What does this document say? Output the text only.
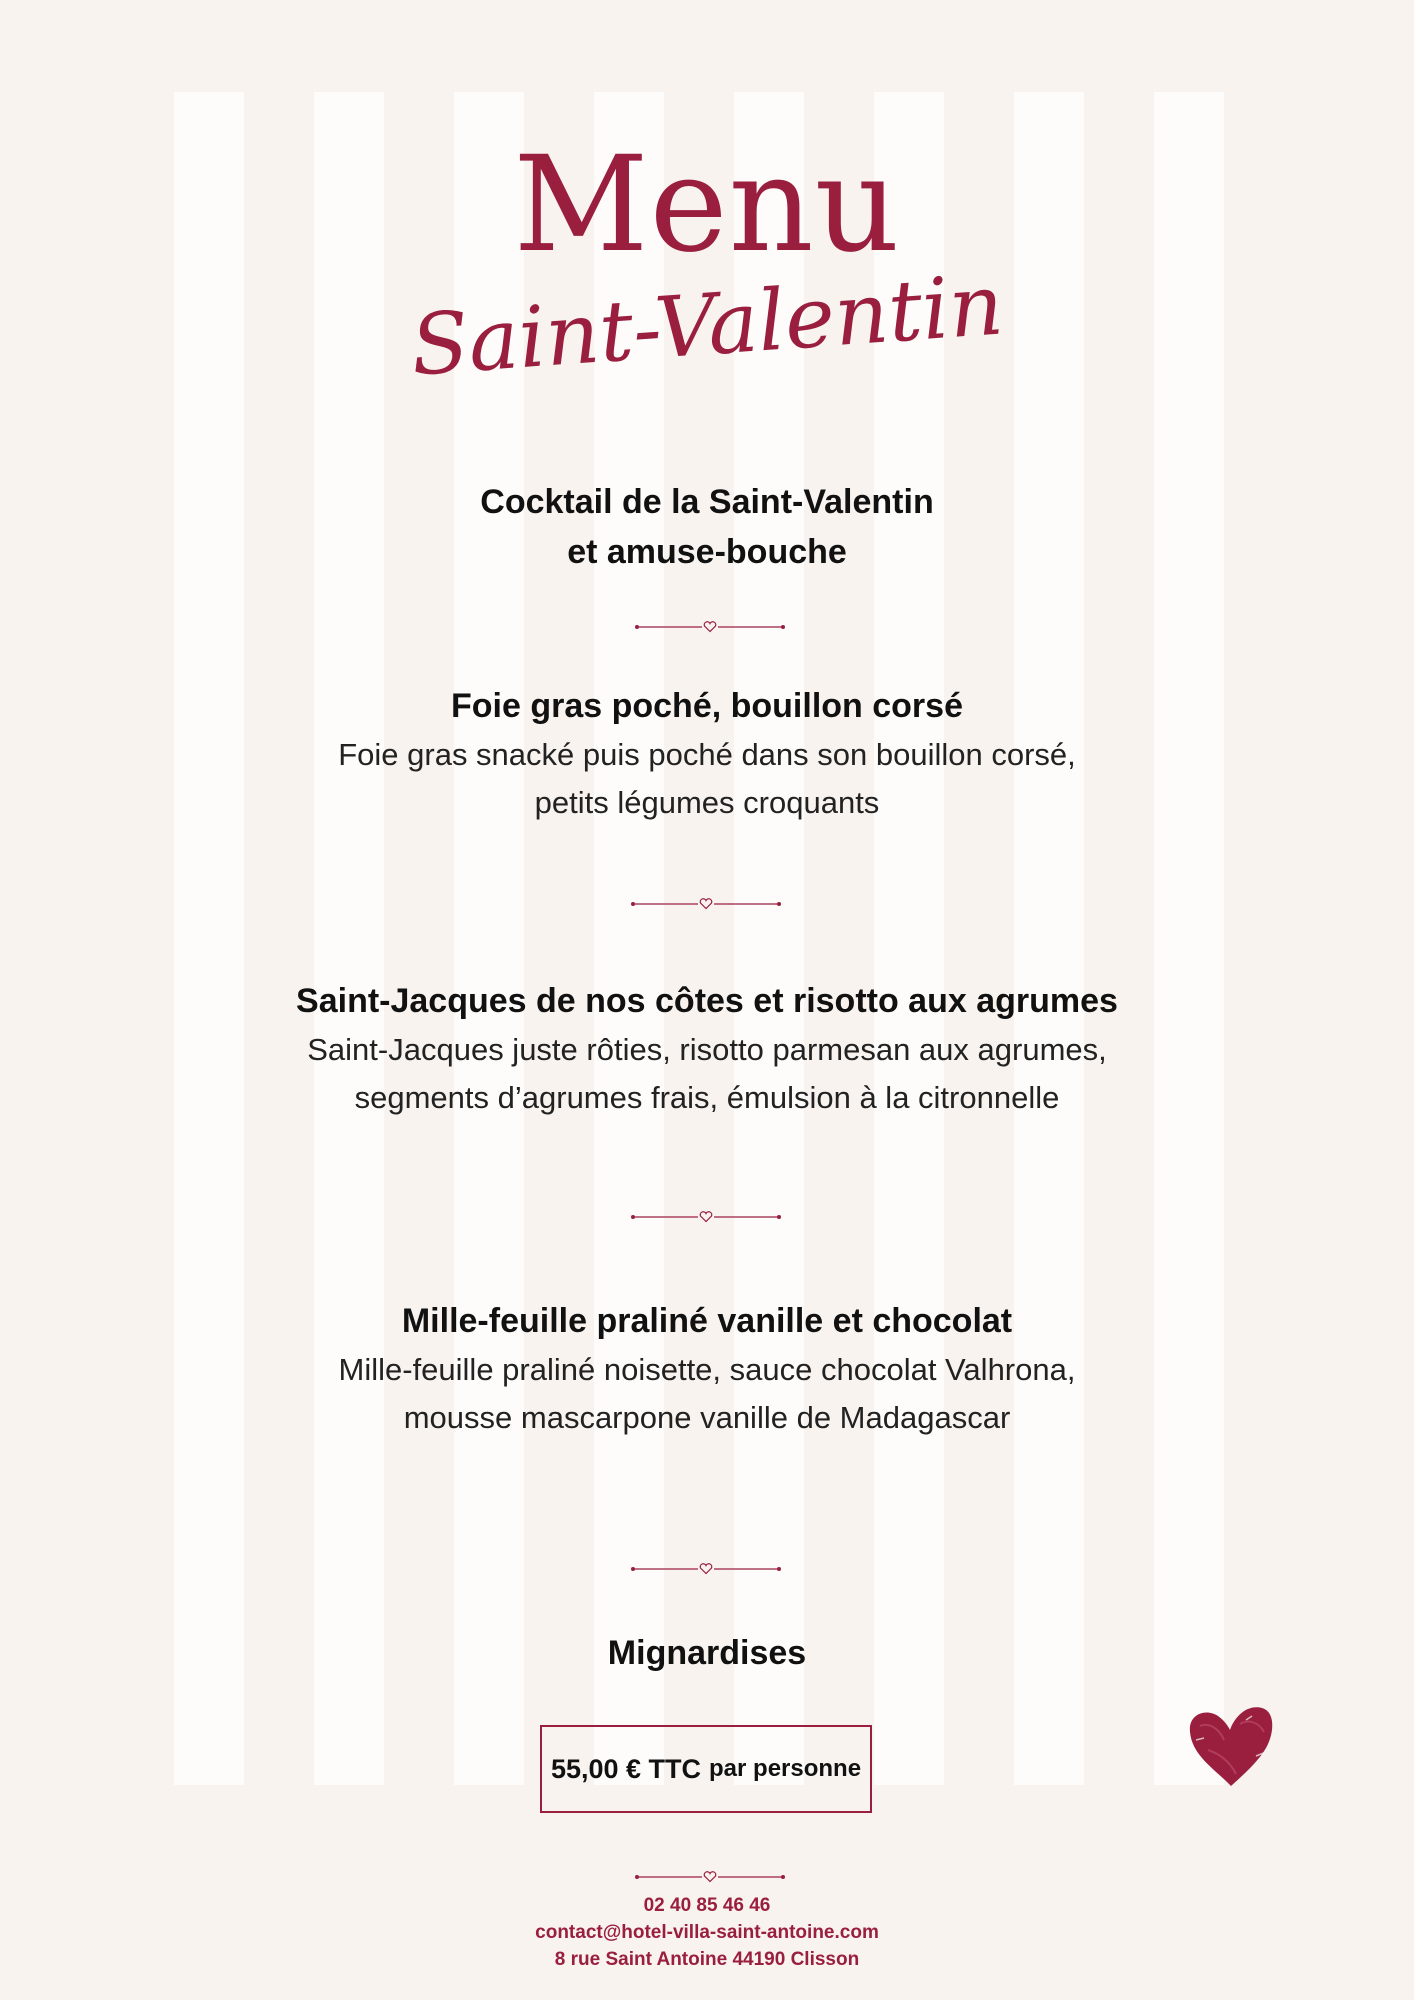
Menu
Saint-Valentin
Cocktail de la Saint-Valentin
et amuse-bouche
Foie gras poché, bouillon corsé
Foie gras snacké puis poché dans son bouillon corsé,
petits légumes croquants
Saint-Jacques de nos côtes et risotto aux agrumes
Saint-Jacques juste rôties, risotto parmesan aux agrumes,
segments d’agrumes frais, émulsion à la citronnelle
Mille-feuille praliné vanille et chocolat
Mille-feuille praliné noisette, sauce chocolat Valhrona,
mousse mascarpone vanille de Madagascar
Mignardises
55,00 € TTC par personne
02 40 85 46 46
contact@hotel-villa-saint-antoine.com
8 rue Saint Antoine 44190 Clisson
